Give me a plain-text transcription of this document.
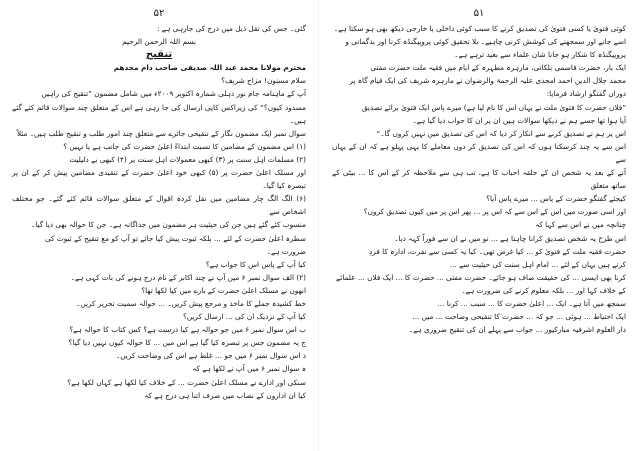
۵۲

گئی۔ جس کی نقل ذیل میں درج کی جارہی ہے :

بسم اللہ الرحمن الرحیم

تنقیح

محترم مولانا محمد عبد اللہ صدیقی صاحب دام مجدھم

سلام مسنون! مزاج شریف؟

آپ کے ماہنامہ جام نور دہلی شمارہ اکتوبر ۲۰۰۹ء میں شامل مضمون ”تنقیح کی راہیں

مسدود کیوں؟“ کی زیراکس کاپی ارسال کی جا رہی ہے اس کے متعلق چند سوالات قائم کئے گئے ہیں۔

سوال نمبر ایک مضمون نگار کے تنقیحی جائزے سے متعلق چند امور طلب و تنقیح طلب ہیں۔ مثلاً

(۱) اس مضمون کے مضامین کا نسبت ابتداءً اعلیٰ حضرت کی جانب ہے یا نہیں ؟

(۲) مسلمات اہل سنت پر (۳) کبھی معمولات اہل سنت پر (۴) کبھی بے دلیلیت

اور مسلک اعلیٰ حضرت پر (۵) کبھی خود اعلیٰ حضرت کے تنقیدی مضامین پیش کر کے ان پر تبصرہ کیا گیا۔

(۶) الگ الگ چار مضامین میں نقل کردہ اقوال کے متعلق سوالات قائم کئے گئے۔ جو مختلف اشخاص سے

منسوب کئے گئے ہیں جن کی حیثیت ہر مضمون میں جداگانہ ہے۔ جن کا حوالہ بھی دیا گیا۔

سطرہ اعلیٰ حضرت کے لئے ... بلکہ ثبوت پیش کیا جائے تو آپ کو مع تنقیح کے ثبوت کی

ضرورت ہے۔

کیا آپ کے پاس اس کا جواب ہے؟

(۲) الف سوال نمبر ۶ میں آپ نے چند اکابر کے نام درج ہونے کی بات کہی ہے۔

انھوں نے مسلک اعلیٰ حضرت کے بارے میں کیا لکھا تھا؟

خط کشیدہ جملے کا ماخذ و مرجع پیش کریں۔ ... حوالہ سمیت تحریر کریں۔

کیا آپ کے نزدیک ان کی ... ارسال کریں؟

ب اس سوال نمبر ۶ میں جو حوالہ ہے کیا درست ہے؟ کس کتاب کا حوالہ ہے؟

ج یہ مضمون جس پر تبصرہ کیا گیا ہے اس میں ... کا حوالہ کیوں نہیں دیا گیا؟

د اس سوال نمبر ۶ میں جو ... غلط ہے اس کی وضاحت کریں۔

ہ سوال نمبر ۶ میں آپ نے لکھا ہے کہ

سنکی اور ادارے نے مسلک اعلیٰ حضرت ... کے خلاف کیا لکھا ہے کہاں لکھا ہے؟

کیا ان اداروں کے نصاب میں صرف اتنا ہی درج ہے کہ

۵۱

کوئی فتویٰ یا کسی فتویٰ کی تصدیق کرنے کا سبب کوئی داخلی یا خارجی دیکھ بھی ہو سکتا ہے۔

اسے جانے اور سمجھنے کی کوشش کرنی چاہیے۔ بلا تحقیق کوئی پروپیگنڈہ کرنا اور بدگمانی و

پروپیگنڈہ کا شکار ہو جانا شان علماء سے بعید ترہے ہے۔

ایک بار، حضرت قاسمی بلکاتی، مارہرہ مطہرہ کے ایام میں فقیہ ملت حضرت مفتی

محمد جلال الدین احمد امجدی علیہ الرحمۃ والرضوان نے مارہرہ شریف کی ایک قیام گاہ پر

دوران گفتگو ارشاد فرمایا:

”فلاں حضرت کا فتویٰ ملت نے یہاں اس کا نام لیا ہے) میرے پاس ایک فتویٰ برائے تصدیق

آیا ہوا تھا جسے ہم نے دیکھا سوالات ہیں ان پر ان کا جواب دیا گیا ہے۔

اس پر ہم نے تصدیق کرنے سے انکار کر دیا کہ اس کی تصدیق میں نہیں کروں گا۔“

اس سے یہ چند کرسکتا ہوں کہ اس کی تصدیق کر دوں معاملے کا یہی پہلو ہے کہ ان کے یہاں سے

آنے کے بعد یہ شخص ان کے حلقہ احباب کا ہے، تب ہی سے ملاحظہ کر کے اس کا ... بیٹی کے ساتھ متعلق

کیجئے گفتگو حضرت کے پاس ... میرے پاس آیا؟

اور اسی صورت میں اس کے اس سے کہ اس پر ... پھر اس پر میں کیوں تصدیق کروں؟

چنانچہ میں نے اس سے کہا کہ

اس طرح یہ شخص تصدیق کرانا چاہتا ہے ... تو میں نے ان سے فوراً کہہ دیا۔

حضرت فقیہ ملت کے فتویٰ کو ... کیا غرض تھی۔ کیا یہ کسی سے نفرت، ادارہ کا فردِ

کرتے ہیں یہاں کے لئے ... امام اہل سنت کی حیثیت سے ...

کرنا بھی ایسی ... کی حقیقت صاف ہو جائے۔ حضرت مفتی ... حضرت کا ... ایک فلاں ... علمائے

کے خلاف کہا اور ... بلکہ معلوم کرنے کی ضرورت ہے۔

سمجھ میں آتا ہے۔ ایک ... اعلیٰ حضرت کا ... سبب ... کرنا ...

ایک احتیاط ... ہوئی ... جو کہ ... حضرت کا تنقیحی وضاحت ... میں ...

دار العلوم اشرفیہ مبارکپور ... جواب سے پہلے ان کی تنقیح ضروری ہے۔
